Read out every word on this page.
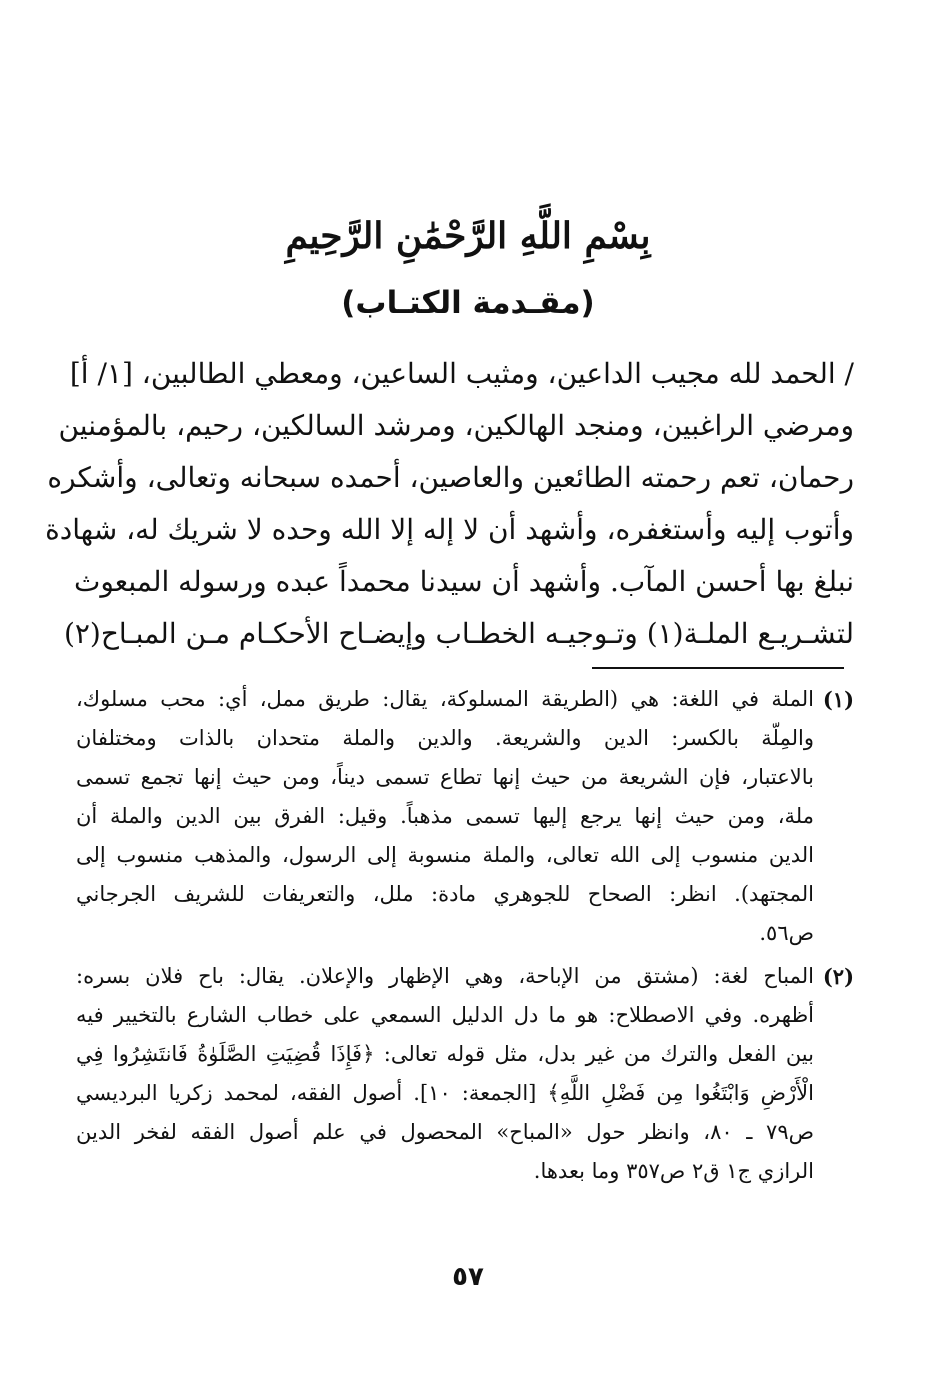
بِسْمِ اللَّهِ الرَّحْمَٰنِ الرَّحِيمِ
(مقـدمة الكتـاب)
/ الحمد لله مجيب الداعين، ومثيب الساعين، ومعطي الطالبين، [١/ أ]
ومرضي الراغبين، ومنجد الهالكين، ومرشد السالكين، رحيم، بالمؤمنين
رحمان، تعم رحمته الطائعين والعاصين، أحمده سبحانه وتعالى، وأشكره
وأتوب إليه وأستغفره، وأشهد أن لا إله إلا الله وحده لا شريك له، شهادة
نبلغ بها أحسن المآب. وأشهد أن سيدنا محمداً عبده ورسوله المبعوث
لتشـريـع الملـة(١) وتـوجيـه الخطـاب وإيضـاح الأحكـام مـن المبـاح(٢)
(١)
الملة في اللغة: هي (الطريقة المسلوكة، يقال: طريق ممل، أي: محب مسلوك،
والمِلّة بالكسر: الدين والشريعة. والدين والملة متحدان بالذات ومختلفان
بالاعتبار، فإن الشريعة من حيث إنها تطاع تسمى ديناً، ومن حيث إنها تجمع تسمى
ملة، ومن حيث إنها يرجع إليها تسمى مذهباً. وقيل: الفرق بين الدين والملة أن
الدين منسوب إلى الله تعالى، والملة منسوبة إلى الرسول، والمذهب منسوب إلى
المجتهد). انظر: الصحاح للجوهري مادة: ملل، والتعريفات للشريف الجرجاني
ص٥٦.
(٢)
المباح لغة: (مشتق من الإباحة، وهي الإظهار والإعلان. يقال: باح فلان بسره:
أظهره. وفي الاصطلاح: هو ما دل الدليل السمعي على خطاب الشارع بالتخيير فيه
بين الفعل والترك من غير بدل، مثل قوله تعالى: ﴿فَإِذَا قُضِيَتِ الصَّلَوٰةُ فَانتَشِرُوا فِي
الْأَرْضِ وَابْتَغُوا مِن فَضْلِ اللَّهِ﴾ [الجمعة: ١٠]. أصول الفقه، لمحمد زكريا البرديسي
ص٧٩ ـ ٨٠، وانظر حول «المباح» المحصول في علم أصول الفقه لفخر الدين
الرازي ج١ ق٢ ص٣٥٧ وما بعدها.
٥٧
